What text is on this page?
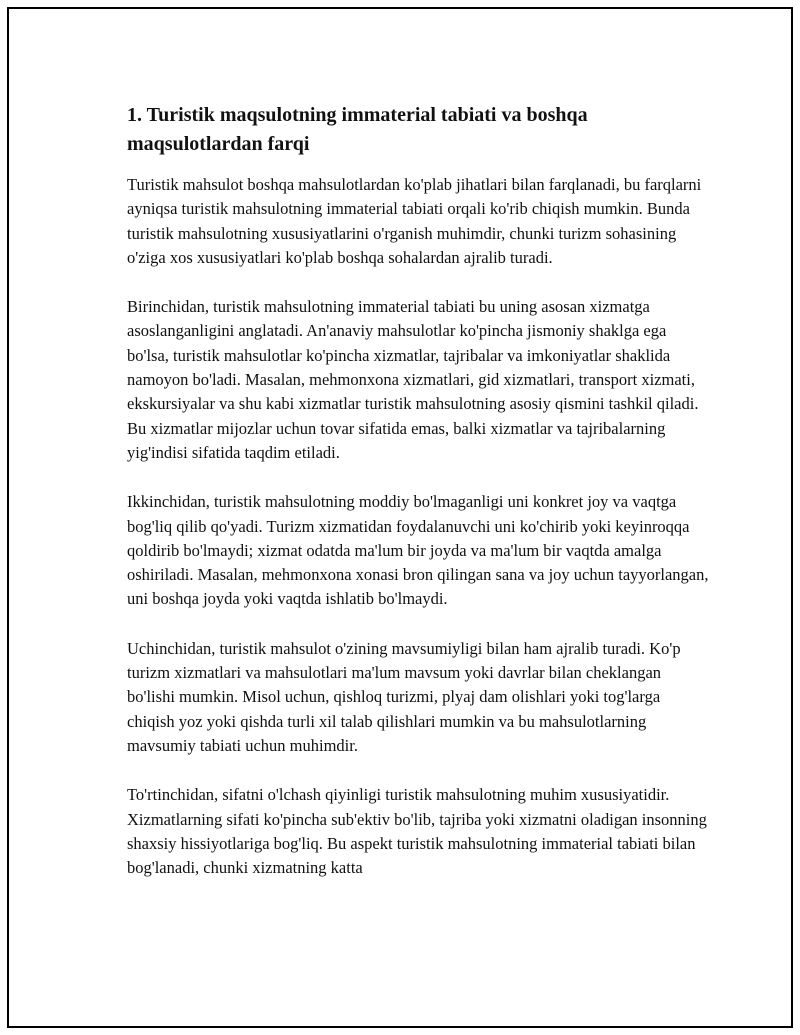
1. Turistik maqsulotning immaterial tabiati va boshqa maqsulotlardan farqi

Turistik mahsulot boshqa mahsulotlardan ko'plab jihatlari bilan farqlanadi, bu farqlarni ayniqsa turistik mahsulotning immaterial tabiati orqali ko'rib chiqish mumkin. Bunda turistik mahsulotning xususiyatlarini o'rganish muhimdir, chunki turizm sohasining o'ziga xos xususiyatlari ko'plab boshqa sohalardan ajralib turadi.

Birinchidan, turistik mahsulotning immaterial tabiati bu uning asosan xizmatga asoslanganligini anglatadi. An'anaviy mahsulotlar ko'pincha jismoniy shaklga ega bo'lsa, turistik mahsulotlar ko'pincha xizmatlar, tajribalar va imkoniyatlar shaklida namoyon bo'ladi. Masalan, mehmonxona xizmatlari, gid xizmatlari, transport xizmati, ekskursiyalar va shu kabi xizmatlar turistik mahsulotning asosiy qismini tashkil qiladi. Bu xizmatlar mijozlar uchun tovar sifatida emas, balki xizmatlar va tajribalarning yig'indisi sifatida taqdim etiladi.

Ikkinchidan, turistik mahsulotning moddiy bo'lmaganligi uni konkret joy va vaqtga bog'liq qilib qo'yadi. Turizm xizmatidan foydalanuvchi uni ko'chirib yoki keyinroqqa qoldirib bo'lmaydi; xizmat odatda ma'lum bir joyda va ma'lum bir vaqtda amalga oshiriladi. Masalan, mehmonxona xonasi bron qilingan sana va joy uchun tayyorlangan, uni boshqa joyda yoki vaqtda ishlatib bo'lmaydi.

Uchinchidan, turistik mahsulot o'zining mavsumiyligi bilan ham ajralib turadi. Ko'p turizm xizmatlari va mahsulotlari ma'lum mavsum yoki davrlar bilan cheklangan bo'lishi mumkin. Misol uchun, qishloq turizmi, plyaj dam olishlari yoki tog'larga chiqish yoz yoki qishda turli xil talab qilishlari mumkin va bu mahsulotlarning mavsumiy tabiati uchun muhimdir.

To'rtinchidan, sifatni o'lchash qiyinligi turistik mahsulotning muhim xususiyatidir. Xizmatlarning sifati ko'pincha sub'ektiv bo'lib, tajriba yoki xizmatni oladigan insonning shaxsiy hissiyotlariga bog'liq. Bu aspekt turistik mahsulotning immaterial tabiati bilan bog'lanadi, chunki xizmatning katta
